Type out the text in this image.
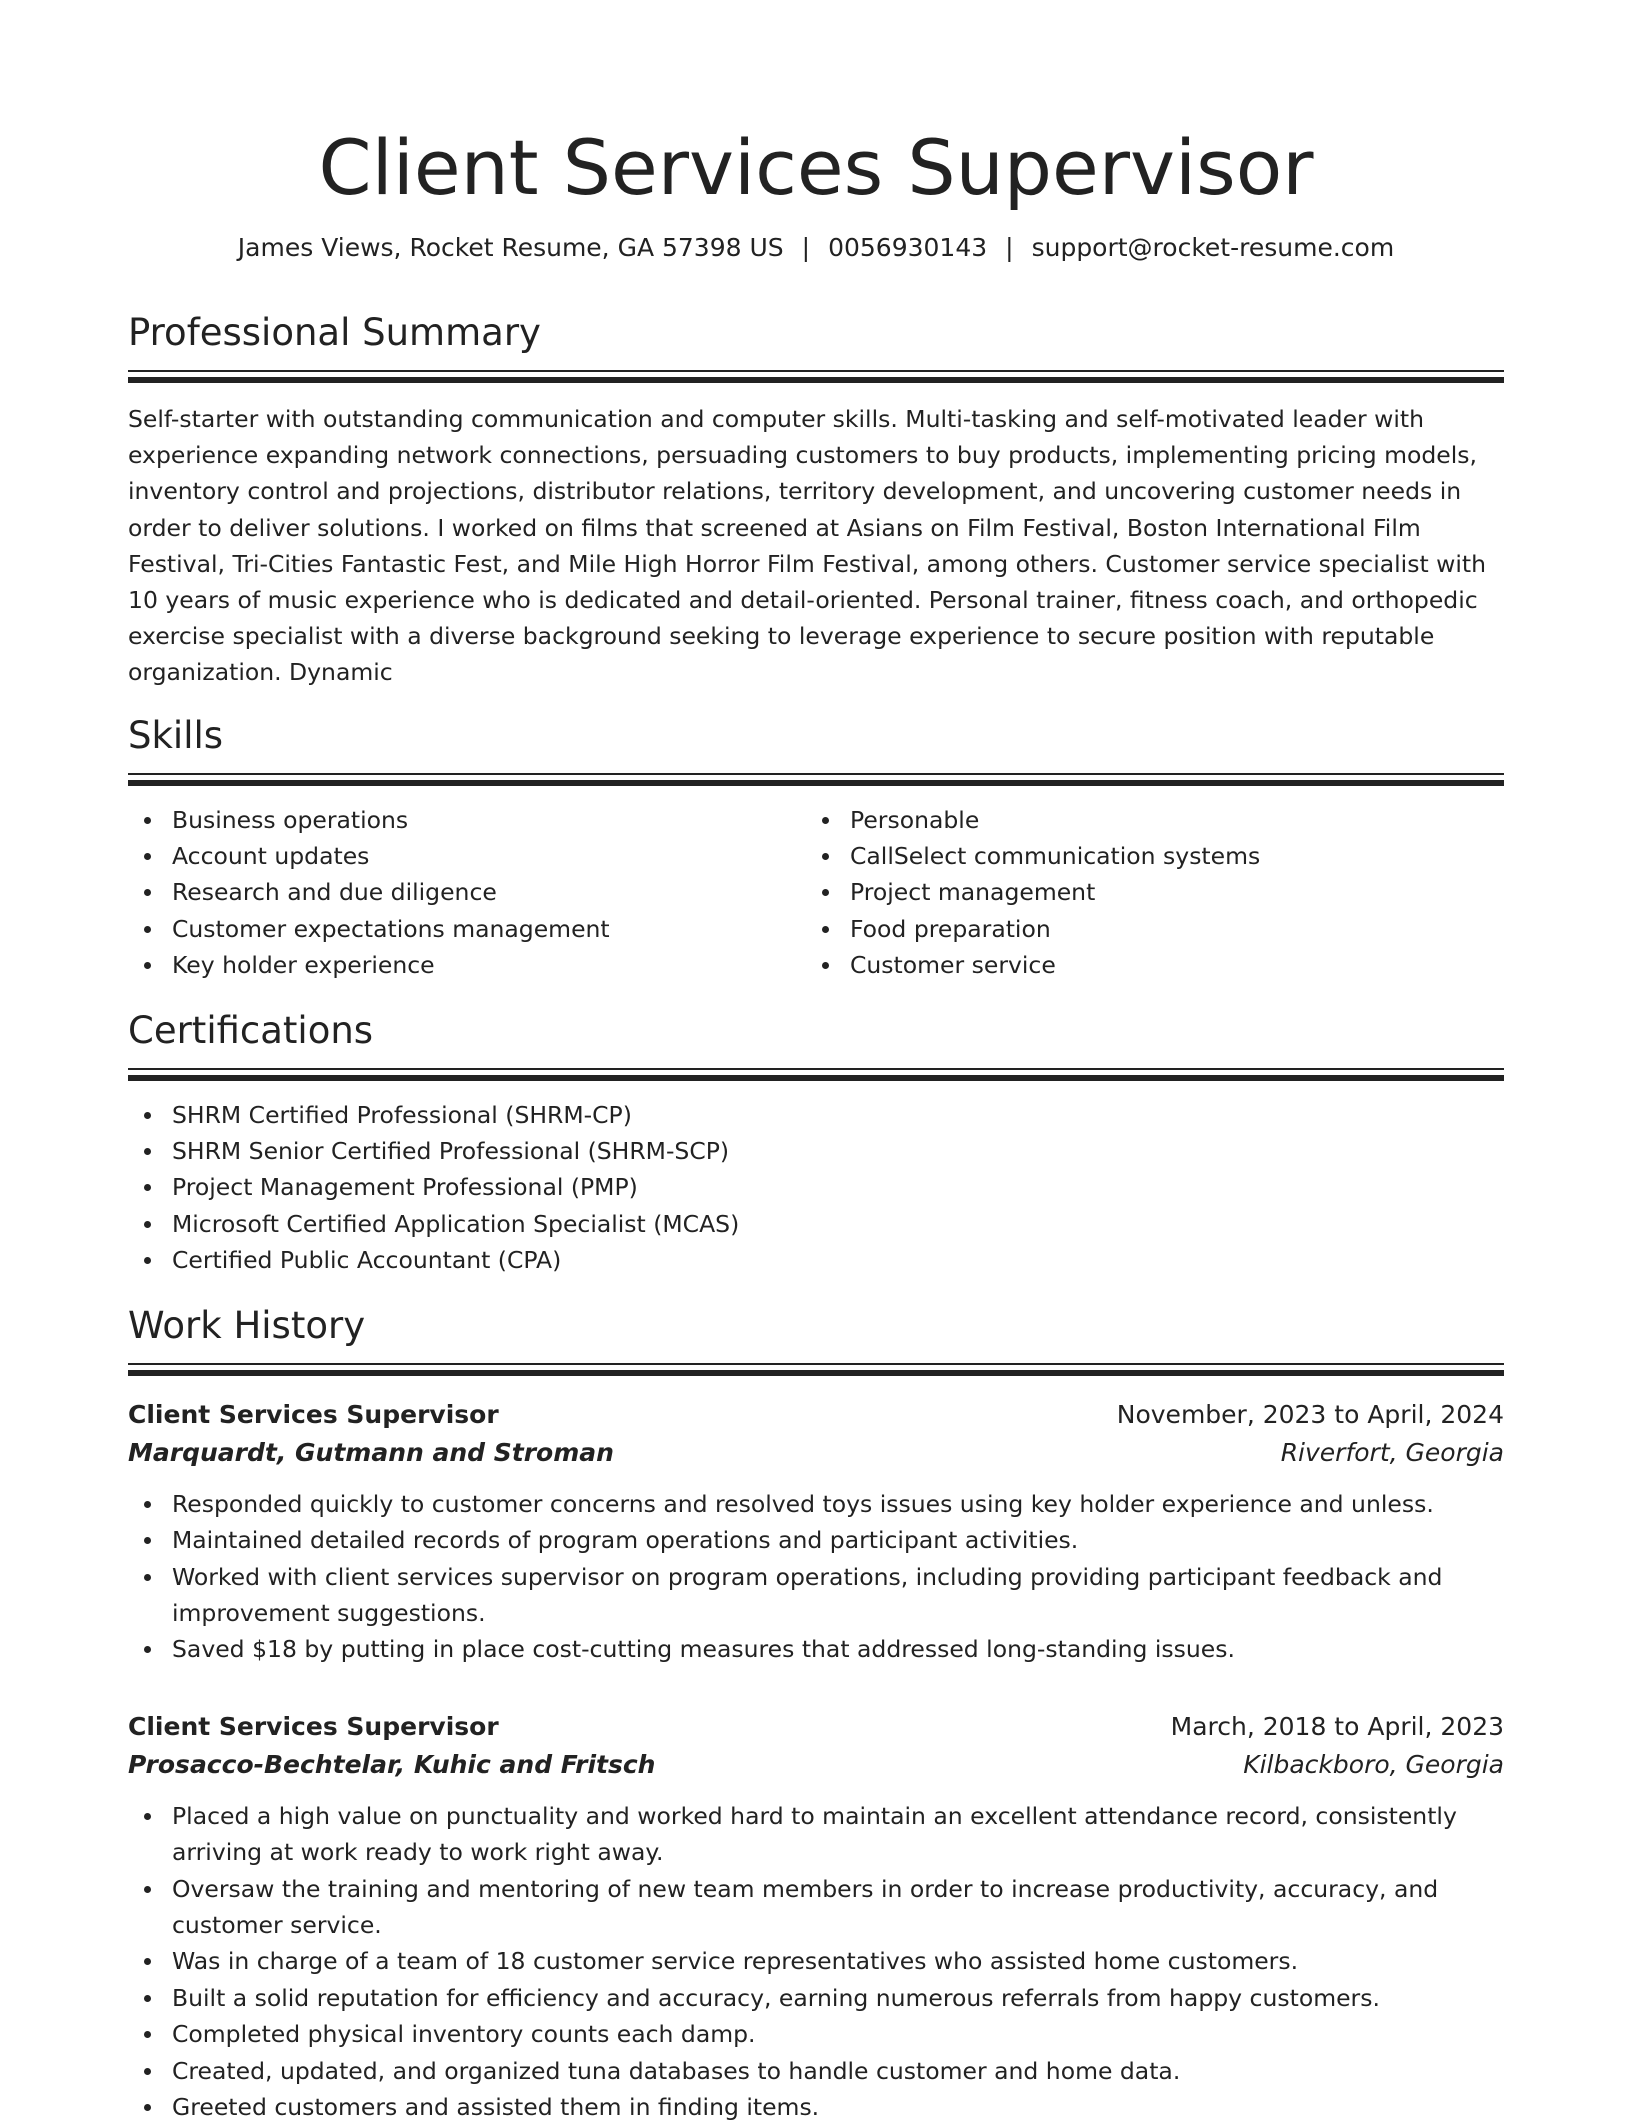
Client Services Supervisor
James Views, Rocket Resume, GA 57398 US | 0056930143 | support@rocket-resume.com
Professional Summary
Self-starter with outstanding communication and computer skills. Multi-tasking and self-motivated leader with experience expanding network connections, persuading customers to buy products, implementing pricing models, inventory control and projections, distributor relations, territory development, and uncovering customer needs in order to deliver solutions. I worked on films that screened at Asians on Film Festival, Boston International Film Festival, Tri-Cities Fantastic Fest, and Mile High Horror Film Festival, among others. Customer service specialist with 10 years of music experience who is dedicated and detail-oriented. Personal trainer, fitness coach, and orthopedic exercise specialist with a diverse background seeking to leverage experience to secure position with reputable organization. Dynamic
Skills
Business operations
Account updates
Research and due diligence
Customer expectations management
Key holder experience
Personable
CallSelect communication systems
Project management
Food preparation
Customer service
Certifications
SHRM Certified Professional (SHRM-CP)
SHRM Senior Certified Professional (SHRM-SCP)
Project Management Professional (PMP)
Microsoft Certified Application Specialist (MCAS)
Certified Public Accountant (CPA)
Work History
Client Services Supervisor	November, 2023 to April, 2024
Marquardt, Gutmann and Stroman	Riverfort, Georgia
Responded quickly to customer concerns and resolved toys issues using key holder experience and unless.
Maintained detailed records of program operations and participant activities.
Worked with client services supervisor on program operations, including providing participant feedback and improvement suggestions.
Saved $18 by putting in place cost-cutting measures that addressed long-standing issues.
Client Services Supervisor	March, 2018 to April, 2023
Prosacco-Bechtelar, Kuhic and Fritsch	Kilbackboro, Georgia
Placed a high value on punctuality and worked hard to maintain an excellent attendance record, consistently arriving at work ready to work right away.
Oversaw the training and mentoring of new team members in order to increase productivity, accuracy, and customer service.
Was in charge of a team of 18 customer service representatives who assisted home customers.
Built a solid reputation for efficiency and accuracy, earning numerous referrals from happy customers.
Completed physical inventory counts each damp.
Created, updated, and organized tuna databases to handle customer and home data.
Greeted customers and assisted them in finding items.
